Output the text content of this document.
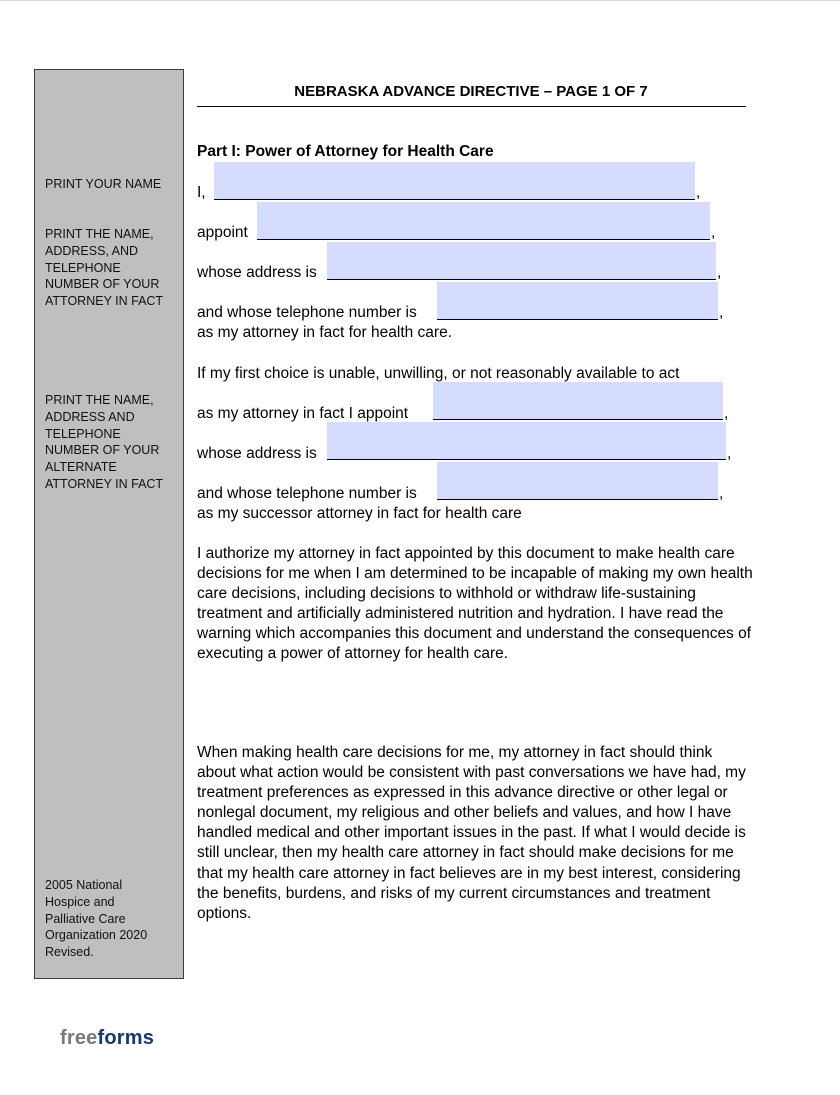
PRINT YOUR NAME
PRINT THE NAME, ADDRESS, AND TELEPHONE NUMBER OF YOUR ATTORNEY IN FACT
PRINT THE NAME, ADDRESS AND TELEPHONE NUMBER OF YOUR ALTERNATE ATTORNEY IN FACT
2005 National Hospice and Palliative Care Organization 2020 Revised.
NEBRASKA ADVANCE DIRECTIVE – PAGE 1 OF 7
Part I: Power of Attorney for Health Care
I,	,
appoint	,
whose address is	,
and whose telephone number is	,
as my attorney in fact for health care.
If my first choice is unable, unwilling, or not reasonably available to act
as my attorney in fact I appoint	,
whose address is	,
and whose telephone number is	,
as my successor attorney in fact for health care
I authorize my attorney in fact appointed by this document to make health care decisions for me when I am determined to be incapable of making my own health care decisions, including decisions to withhold or withdraw life-sustaining treatment and artificially administered nutrition and hydration. I have read the warning which accompanies this document and understand the consequences of executing a power of attorney for health care.
When making health care decisions for me, my attorney in fact should think about what action would be consistent with past conversations we have had, my treatment preferences as expressed in this advance directive or other legal or nonlegal document, my religious and other beliefs and values, and how I have handled medical and other important issues in the past. If what I would decide is still unclear, then my health care attorney in fact should make decisions for me that my health care attorney in fact believes are in my best interest, considering the benefits, burdens, and risks of my current circumstances and treatment options.
freeforms
